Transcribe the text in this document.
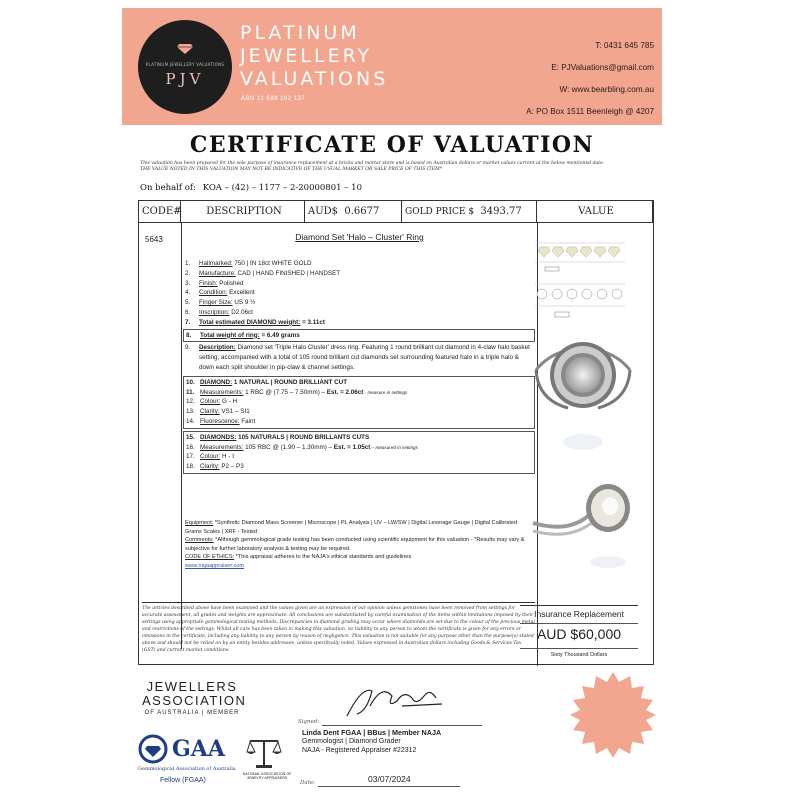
PLATINUM JEWELLERY VALUATIONS
PJV
PLATINUM
JEWELLERY
VALUATIONS
ABN 11 588 192 137
T: 0431 645 785
E: PJValuations@gmail.com
W: www.bearbling.com.au
A: PO Box 1511 Beenleigh @ 4207
CERTIFICATE OF VALUATION
This valuation has been prepared for the sole purpose of insurance replacement at a bricks and mortar store and is based on Australian dollars or market values current at the below mentioned date.
THE VALUE NOTED IN THIS VALUATION MAY NOT BE INDICATIVE OF THE USUAL MARKET OR SALE PRICE OF THIS ITEM*
On behalf of: KOA – (42) – 1177 – 2-20000801 – 10
CODE#	DESCRIPTION	AUD$ 0.6677	GOLD PRICE $ 3493.77	VALUE
5643	Diamond Set 'Halo – Cluster' Ring
1.	Hallmarked: 750 | IN 18ct WHITE GOLD
2.	Manufacture: CAD | HAND FINISHED | HANDSET
3.	Finish: Polished
4.	Condition: Excellent
5.	Finger Size: US 9 ½
6.	Inscription: D2.06ct
7.	Total estimated DIAMOND weight: = 3.11ct
8.	Total weight of ring: = 6.49 grams
9.	Description: Diamond set 'Triple Halo Cluster' dress ring. Featuring 1 round brilliant cut diamond in 4-claw halo basket setting, accompanied with a total of 105 round brilliant cut diamonds set surrounding featured halo in a triple halo & down each split shoulder in pip-claw & channel settings.
10. DIAMOND: 1 NATURAL | ROUND BRILLIANT CUT
11. Measurements: 1 RBC @ (7.75 – 7.50mm) – Est. = 2.06ct - measure in settings
12. Colour: G - H
13. Clarity: VS1 – SI1
14. Fluorescence: Faint
15. DIAMONDS: 105 NATURALS | ROUND BRILLANTS CUTS
16. Measurements: 105 RBC @ (1.90 – 1.30mm) – Est. = 1.05ct – measured in settings
17. Colour: H - I
18. Clarity: P2 – P3
Equipment: *Synthetic Diamond Mass Screener | Microscope | PL Analysis | UV – LW/SW | Digital Leverage Gauge | Digital Calibrated Grams Scales | XRF - Tested
Comments: *Although gemmological grade testing has been conducted using scientific equipment for this valuation - *Results may vary & subjective for further laboratory analysis & testing may be required.
CODE OF ETHICS: *This appraisal adheres to the NAJA's ethical standards and guidelines
www.najaappraiser.com
The articles described above have been examined and the values given are an expression of our opinion unless gemstones have been removed from settings for accurate assessment, all grades and weights are approximate. All conclusions are substantiated by careful examination of the items within limitations imposed by their settings using appropriate gemmological testing methods. Discrepancies in diamond grading may occur where diamonds are set due to the colour of the precious metal and restrictions of the settings. Whilst all care has been taken in making this valuation, no liability to any person to whom the certificate is given for any errors or omissions in the certificate, including any liability to any person by reason of negligence. This valuation is not suitable for any purpose other than the purpose(s) stated above and should not be relied on by an entity besides addressee, unless specifically noted. Values expressed in Australian dollars including Goods & Services Tax (GST) and current market conditions.
Insurance Replacement
AUD $60,000
Sixty Thousand Dollars
JEWELLERS
ASSOCIATION
OF AUSTRALIA | MEMBER
GAA
Gemmological Association of Australia
Fellow (FGAA)
NATIONAL ASSOCIATION OF JEWELRY APPRAISERS
Signed:
Linda Dent FGAA | BBus | Member NAJA
Gemmologist | Diamond Grader
NAJA - Registered Appraiser #22312
Date:	03/07/2024
